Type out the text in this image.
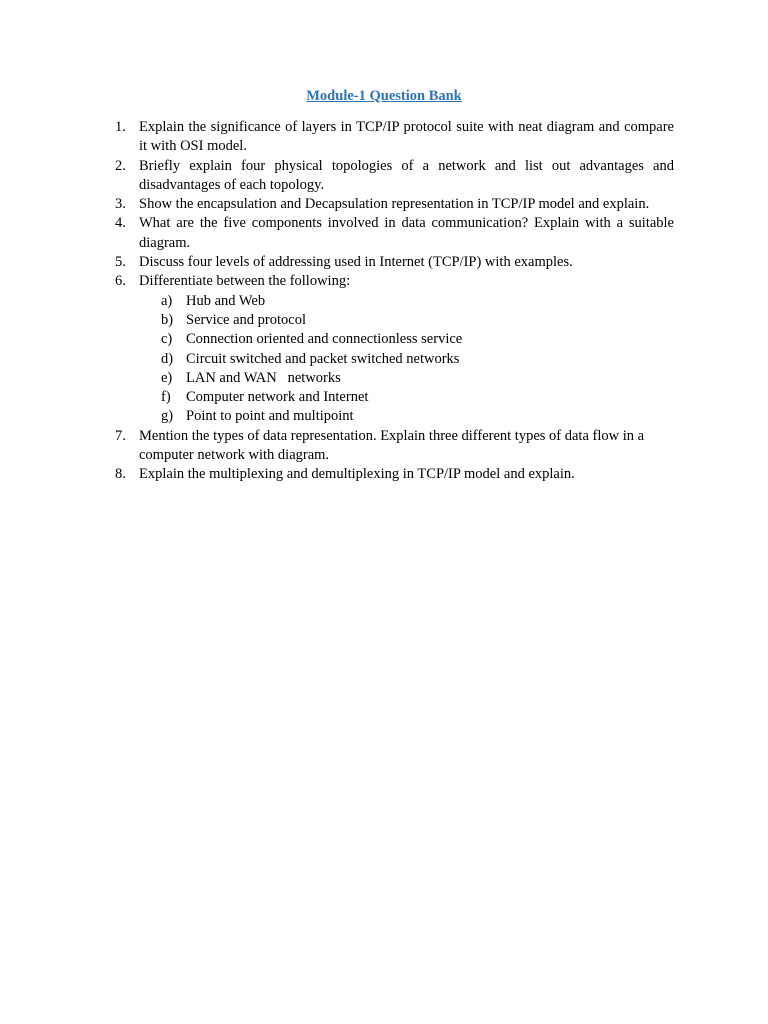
Module-1 Question Bank
1. Explain the significance of layers in TCP/IP protocol suite with neat diagram and compare it with OSI model.
2. Briefly explain four physical topologies of a network and list out advantages and disadvantages of each topology.
3. Show the encapsulation and Decapsulation representation in TCP/IP model and explain.
4. What are the five components involved in data communication? Explain with a suitable diagram.
5. Discuss four levels of addressing used in Internet (TCP/IP) with examples.
6. Differentiate between the following:
a) Hub and Web
b) Service and protocol
c) Connection oriented and connectionless service
d) Circuit switched and packet switched networks
e) LAN and WAN   networks
f) Computer network and Internet
g) Point to point and multipoint
7. Mention the types of data representation. Explain three different types of data flow in a computer network with diagram.
8. Explain the multiplexing and demultiplexing in TCP/IP model and explain.
